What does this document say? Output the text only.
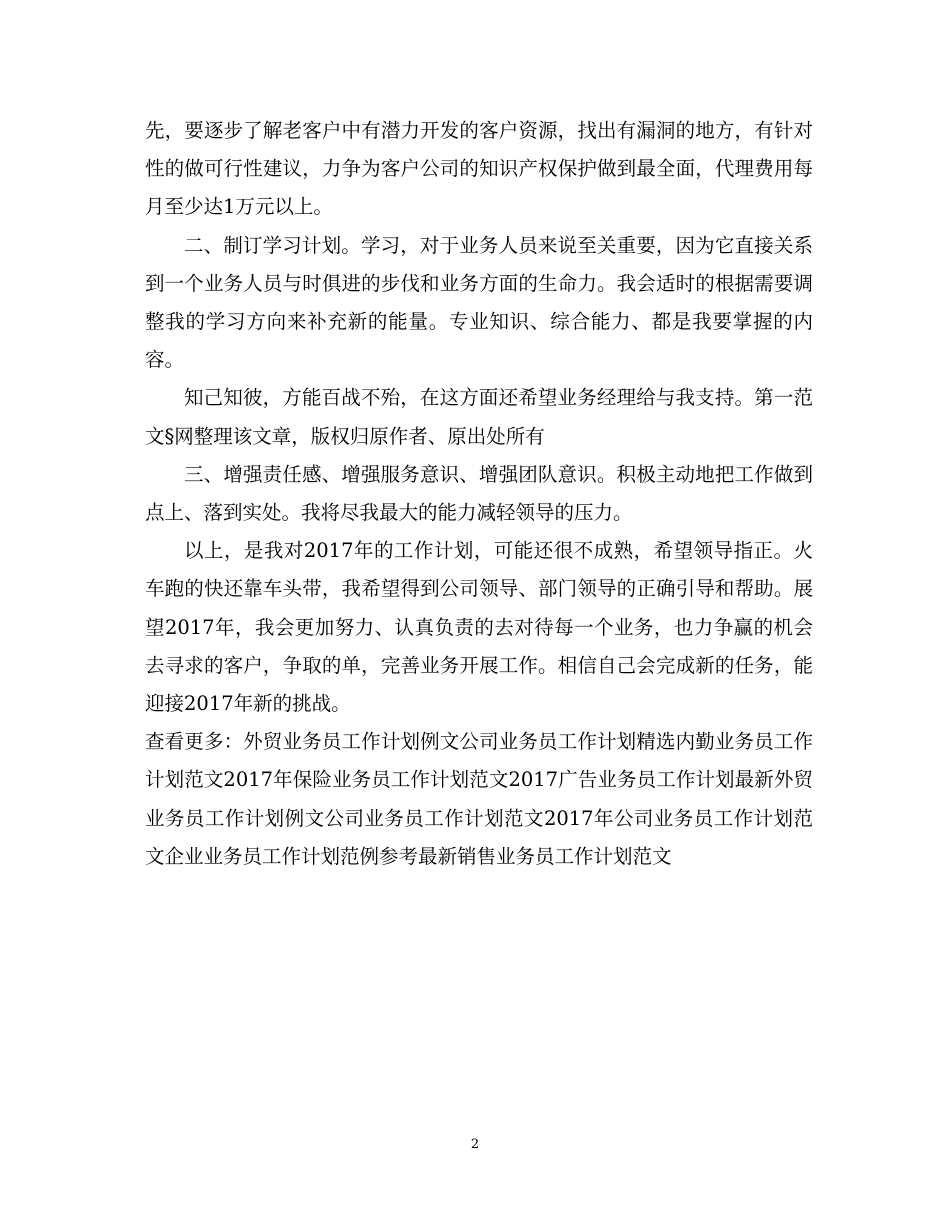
先，要逐步了解老客户中有潜力开发的客户资源，找出有漏洞的地方，有针对性的做可行性建议，力争为客户公司的知识产权保护做到最全面，代理费用每月至少达1万元以上。

二、制订学习计划。学习，对于业务人员来说至关重要，因为它直接关系到一个业务人员与时俱进的步伐和业务方面的生命力。我会适时的根据需要调整我的学习方向来补充新的能量。专业知识、综合能力、都是我要掌握的内容。

知己知彼，方能百战不殆，在这方面还希望业务经理给与我支持。第一范文§网整理该文章，版权归原作者、原出处所有

三、增强责任感、增强服务意识、增强团队意识。积极主动地把工作做到点上、落到实处。我将尽我最大的能力减轻领导的压力。

以上，是我对2017年的工作计划，可能还很不成熟，希望领导指正。火车跑的快还靠车头带，我希望得到公司领导、部门领导的正确引导和帮助。展望2017年，我会更加努力、认真负责的去对待每一个业务，也力争赢的机会去寻求的客户，争取的单，完善业务开展工作。相信自己会完成新的任务，能迎接2017年新的挑战。

查看更多：外贸业务员工作计划例文公司业务员工作计划精选内勤业务员工作计划范文2017年保险业务员工作计划范文2017广告业务员工作计划最新外贸业务员工作计划例文公司业务员工作计划范文2017年公司业务员工作计划范文企业业务员工作计划范例参考最新销售业务员工作计划范文

2
